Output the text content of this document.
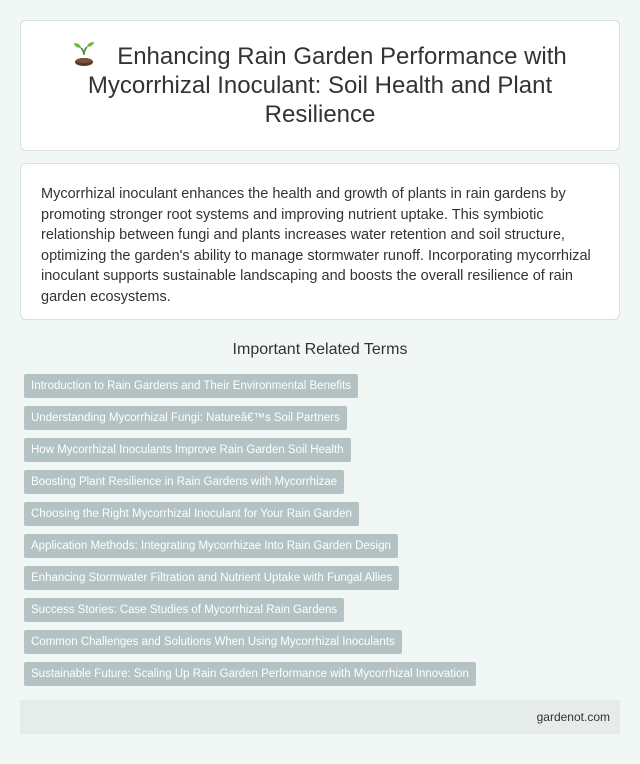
Enhancing Rain Garden Performance with Mycorrhizal Inoculant: Soil Health and Plant Resilience

Mycorrhizal inoculant enhances the health and growth of plants in rain gardens by promoting stronger root systems and improving nutrient uptake. This symbiotic relationship between fungi and plants increases water retention and soil structure, optimizing the garden's ability to manage stormwater runoff. Incorporating mycorrhizal inoculant supports sustainable landscaping and boosts the overall resilience of rain garden ecosystems.

Important Related Terms
Introduction to Rain Gardens and Their Environmental Benefits
Understanding Mycorrhizal Fungi: Natureâ€™s Soil Partners
How Mycorrhizal Inoculants Improve Rain Garden Soil Health
Boosting Plant Resilience in Rain Gardens with Mycorrhizae
Choosing the Right Mycorrhizal Inoculant for Your Rain Garden
Application Methods: Integrating Mycorrhizae Into Rain Garden Design
Enhancing Stormwater Filtration and Nutrient Uptake with Fungal Allies
Success Stories: Case Studies of Mycorrhizal Rain Gardens
Common Challenges and Solutions When Using Mycorrhizal Inoculants
Sustainable Future: Scaling Up Rain Garden Performance with Mycorrhizal Innovation
gardenot.com
